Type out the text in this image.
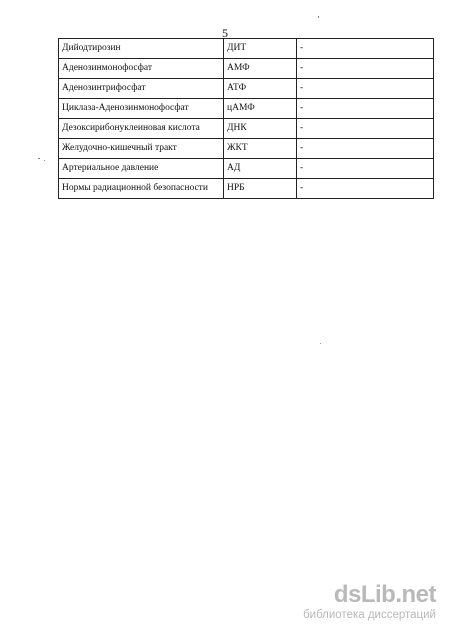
5
Дийодтирозин	ДИТ	-
Аденозинмонофосфат	АМФ	-
Аденозинтрифосфат	АТФ	-
Циклаза-Аденозинмонофосфат	цАМФ	-
Дезоксирибонуклеиновая кислота	ДНК	-
Желудочно-кишечный тракт	ЖКТ	-
Артериальное давление	АД	-
Нормы радиационной безопасности	НРБ	-
dsLib.net
библиотека диссертаций
